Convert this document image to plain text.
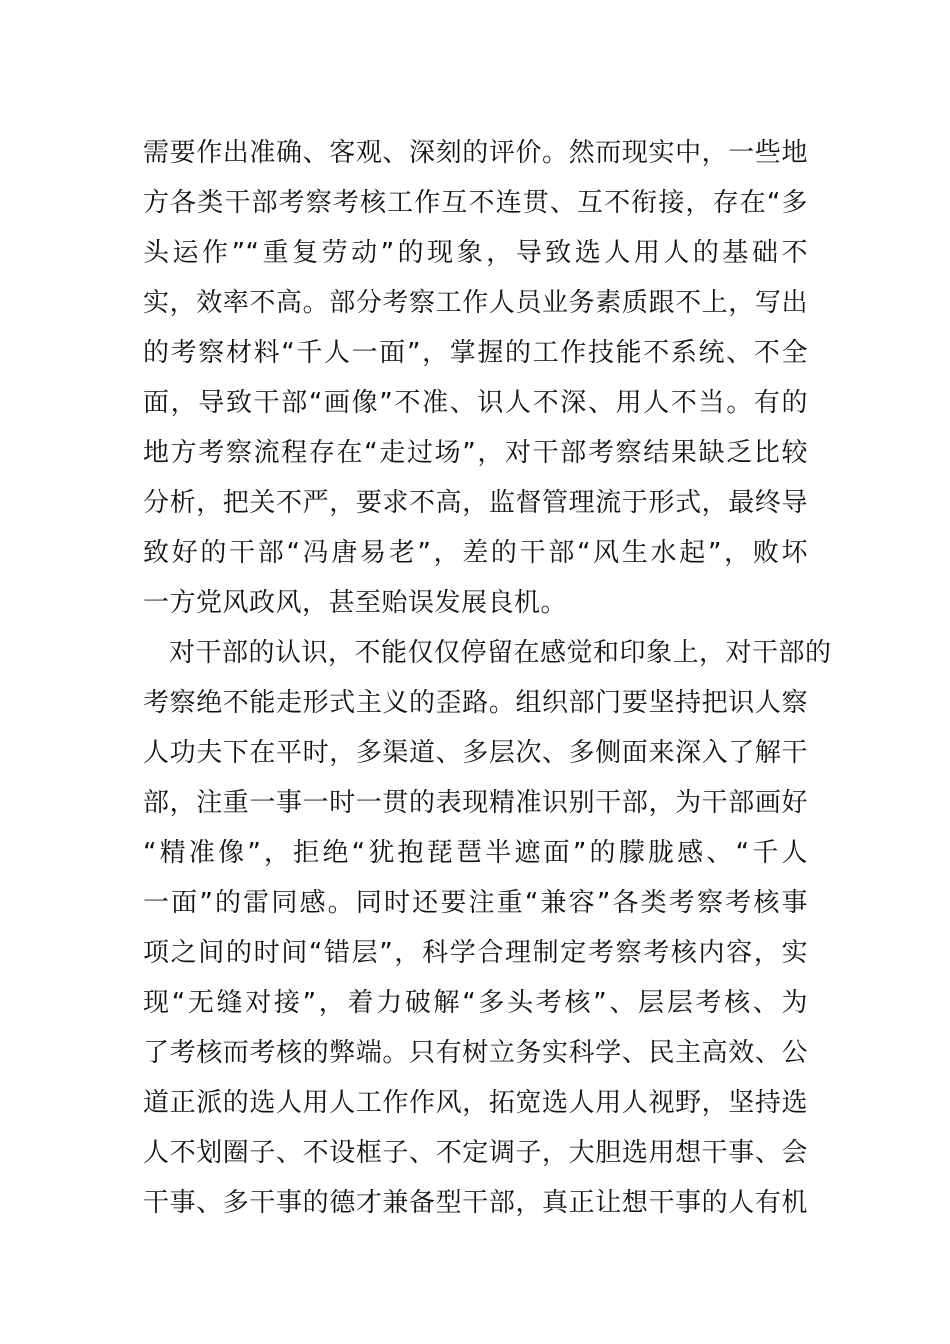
需要作出准确、客观、深刻的评价。然而现实中，一些地
方各类干部考察考核工作互不连贯、互不衔接，存在“多
头运作”“重复劳动”的现象，导致选人用人的基础不
实，效率不高。部分考察工作人员业务素质跟不上，写出
的考察材料“千人一面”，掌握的工作技能不系统、不全
面，导致干部“画像”不准、识人不深、用人不当。有的
地方考察流程存在“走过场”，对干部考察结果缺乏比较
分析，把关不严，要求不高，监督管理流于形式，最终导
致好的干部“冯唐易老”，差的干部“风生水起”，败坏
一方党风政风，甚至贻误发展良机。
对干部的认识，不能仅仅停留在感觉和印象上，对干部的
考察绝不能走形式主义的歪路。组织部门要坚持把识人察
人功夫下在平时，多渠道、多层次、多侧面来深入了解干
部，注重一事一时一贯的表现精准识别干部，为干部画好
“精准像”，拒绝“犹抱琵琶半遮面”的朦胧感、“千人
一面”的雷同感。同时还要注重“兼容”各类考察考核事
项之间的时间“错层”，科学合理制定考察考核内容，实
现“无缝对接”，着力破解“多头考核”、层层考核、为
了考核而考核的弊端。只有树立务实科学、民主高效、公
道正派的选人用人工作作风，拓宽选人用人视野，坚持选
人不划圈子、不设框子、不定调子，大胆选用想干事、会
干事、多干事的德才兼备型干部，真正让想干事的人有机
